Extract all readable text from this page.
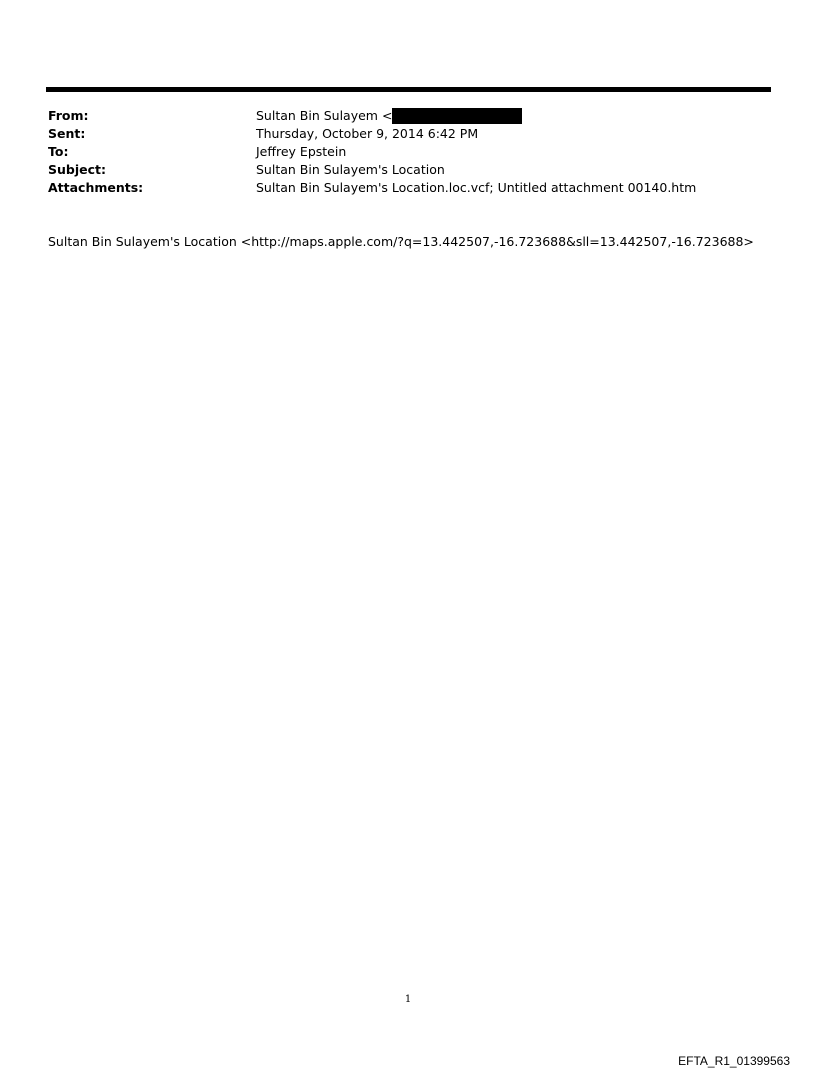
From:	Sultan Bin Sulayem <
Sent:	Thursday, October 9, 2014 6:42 PM
To:	Jeffrey Epstein
Subject:	Sultan Bin Sulayem's Location
Attachments:	Sultan Bin Sulayem's Location.loc.vcf; Untitled attachment 00140.htm
Sultan Bin Sulayem's Location <http://maps.apple.com/?q=13.442507,-16.723688&sll=13.442507,-16.723688>
1
EFTA_R1_01399563
